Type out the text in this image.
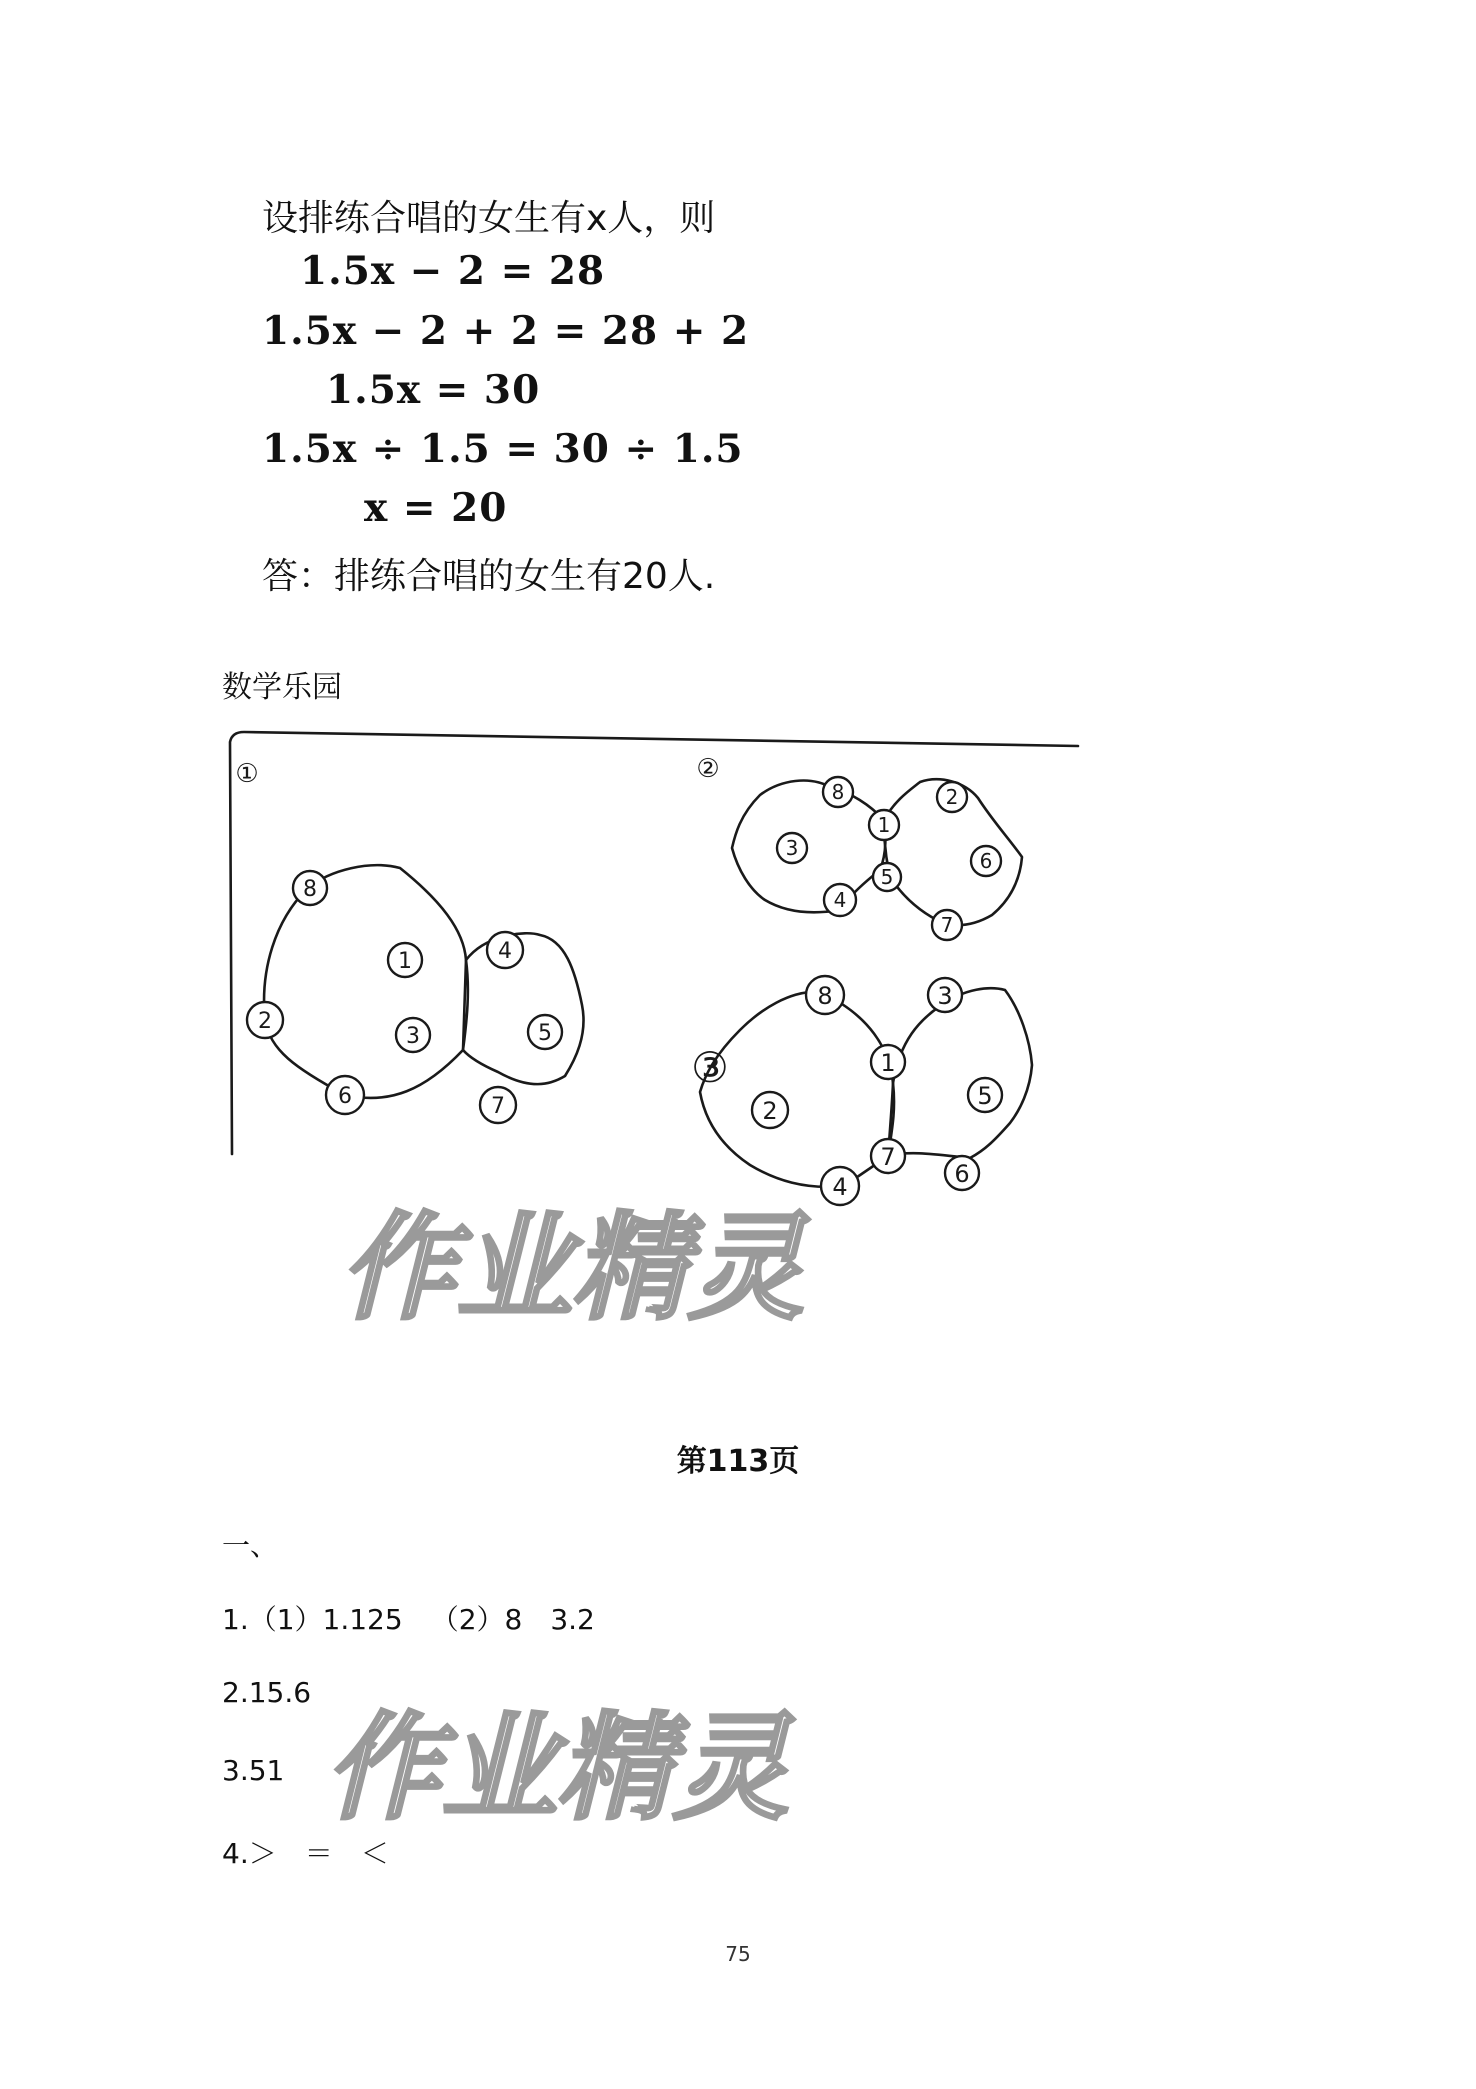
设排练合唱的女生有x人，则
1.5x − 2 = 28
1.5x − 2 + 2 = 28 + 2
1.5x = 30
1.5x ÷ 1.5 = 30 ÷ 1.5
x = 20
答：排练合唱的女生有20人.
数学乐园
①	②
③
8
1
3
6
2
4
5
7
8
1
5
4
3
2
6
7
8
1
7
4
2
3
5
6
第113页
一、
1.（1）1.125 （2）8 3.2
2.15.6
3.51
4.＞　＝　＜
作业精灵
作业精灵
75
